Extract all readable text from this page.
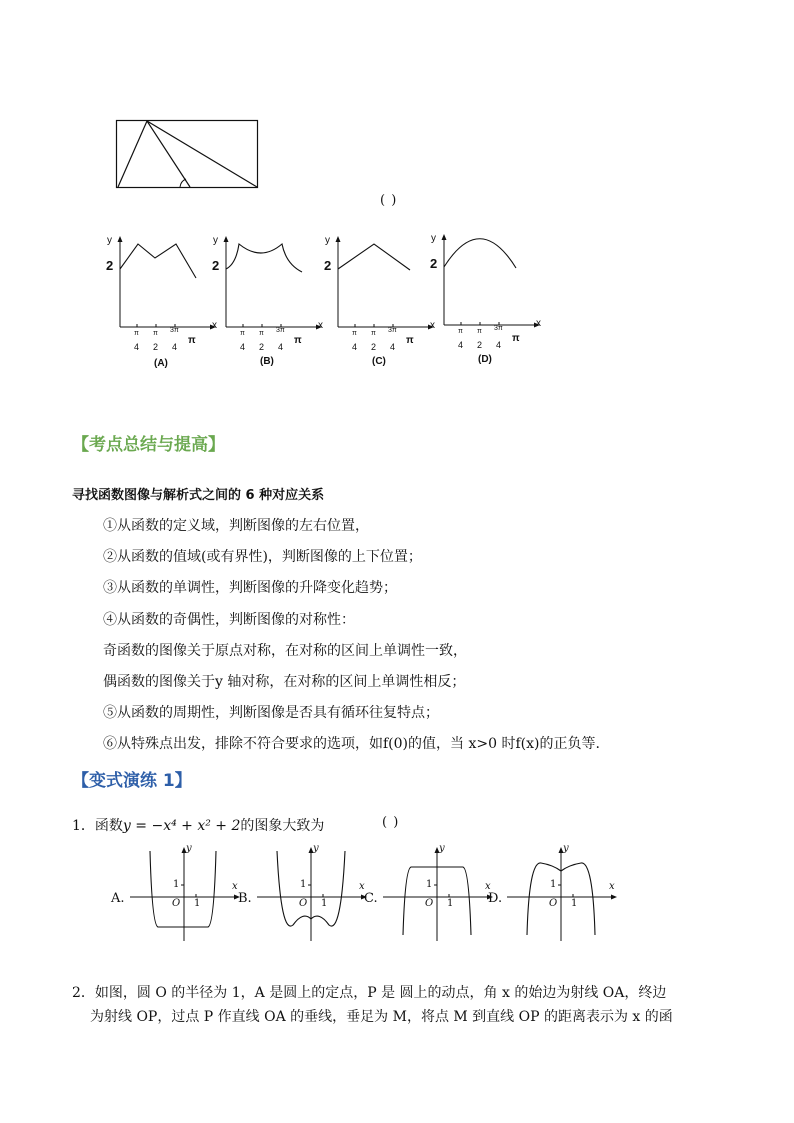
( )
y
2
x
π
4
π
2
3π
4
π
(A)
y
2
x
π
4
π
2
3π
4
π
(B)
y
2
x
π
4
π
2
3π
4
π
(C)
y
2
x
π
4
π
2
3π
4
π
(D)
【考点总结与提高】
寻找函数图像与解析式之间的 6 种对应关系
①从函数的定义域，判断图像的左右位置，
②从函数的值域(或有界性)，判断图像的上下位置；
③从函数的单调性，判断图像的升降变化趋势；
④从函数的奇偶性，判断图像的对称性：
奇函数的图像关于原点对称，在对称的区间上单调性一致，
偶函数的图像关于y 轴对称，在对称的区间上单调性相反；
⑤从函数的周期性，判断图像是否具有循环往复特点；
⑥从特殊点出发，排除不符合要求的选项，如f(0)的值，当 x>0 时f(x)的正负等.
【变式演练 1】
1．函数y = −x⁴ + x² + 2的图象大致为	( )
A.	B.	C.	D.
y
x
O 1
1
y
x
O 1
1
y
x
O 1
1
y
x
O 1
1
2．如图，圆 O 的半径为 1，A 是圆上的定点，P 是 圆上的动点，角 x 的始边为射线 OA，终边
为射线 OP，过点 P 作直线 OA 的垂线，垂足为 M，将点 M 到直线 OP 的距离表示为 x 的函
